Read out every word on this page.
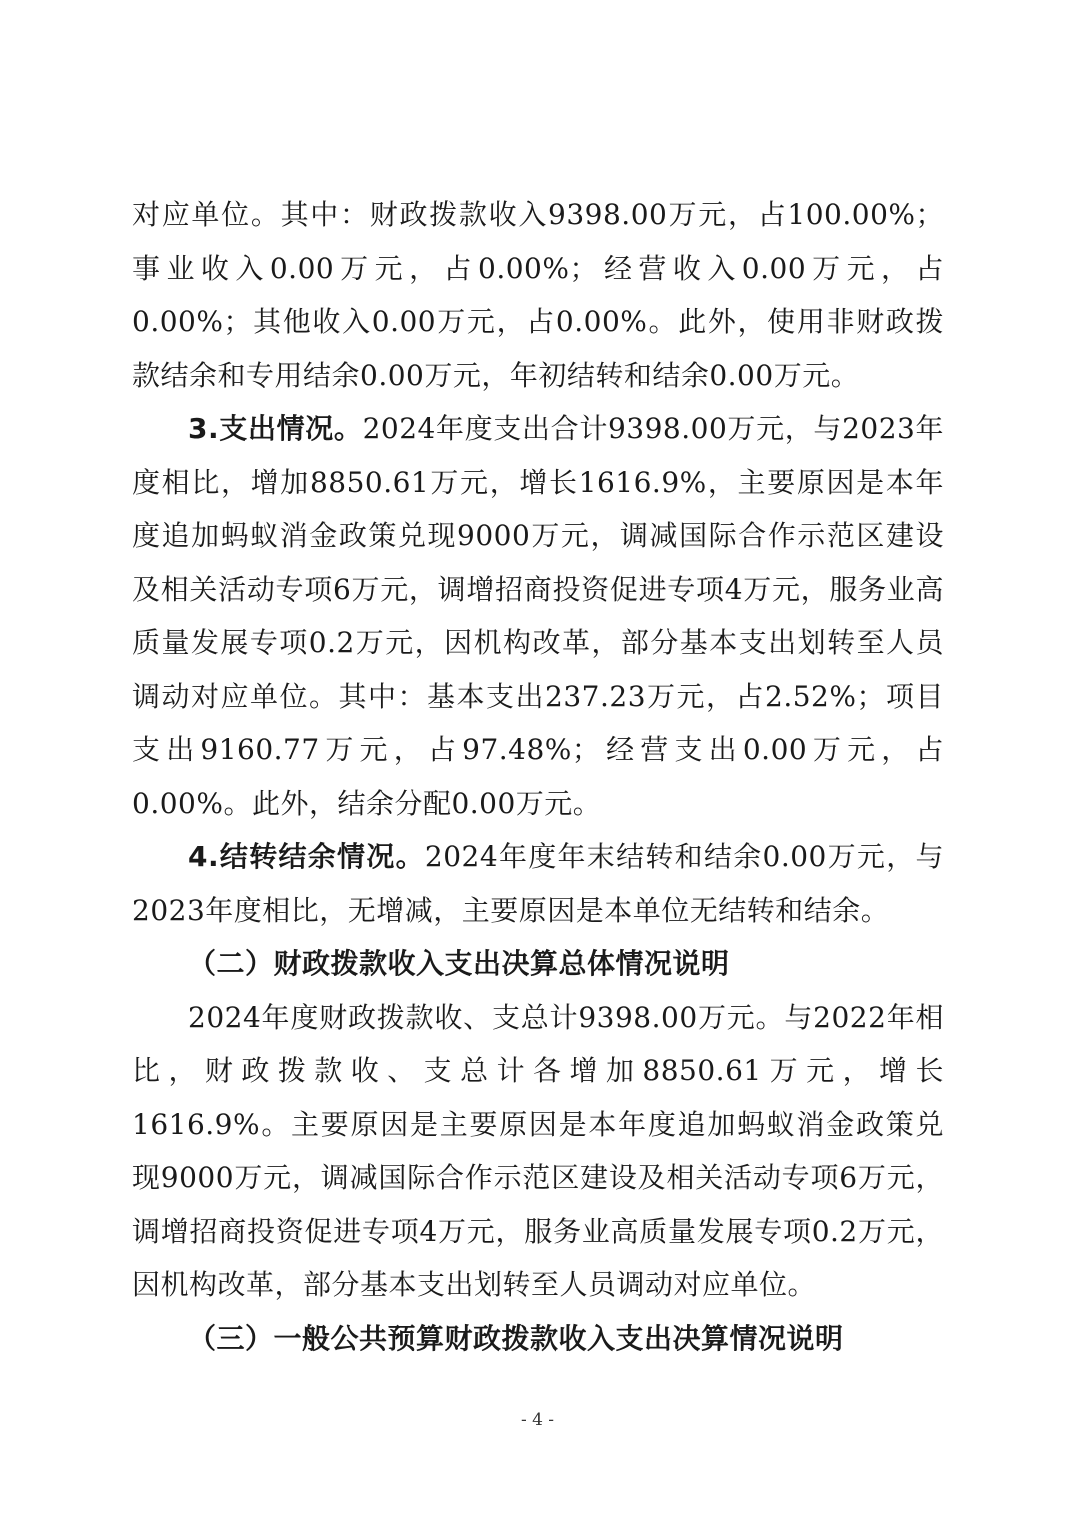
对应单位。其中：财政拨款收入9398.00万元，占100.00%；事业收入0.00万元，占0.00%；经营收入0.00万元，占0.00%；其他收入0.00万元，占0.00%。此外，使用非财政拨款结余和专用结余0.00万元，年初结转和结余0.00万元。

3.支出情况。2024年度支出合计9398.00万元，与2023年度相比，增加8850.61万元，增长1616.9%，主要原因是本年度追加蚂蚁消金政策兑现9000万元，调减国际合作示范区建设及相关活动专项6万元，调增招商投资促进专项4万元，服务业高质量发展专项0.2万元，因机构改革，部分基本支出划转至人员调动对应单位。其中：基本支出237.23万元，占2.52%；项目支出9160.77万元，占97.48%；经营支出0.00万元，占0.00%。此外，结余分配0.00万元。

4.结转结余情况。2024年度年末结转和结余0.00万元，与2023年度相比，无增减，主要原因是本单位无结转和结余。

（二）财政拨款收入支出决算总体情况说明

2024年度财政拨款收、支总计9398.00万元。与2022年相比，财政拨款收、支总计各增加8850.61万元，增长1616.9%。主要原因是主要原因是本年度追加蚂蚁消金政策兑现9000万元，调减国际合作示范区建设及相关活动专项6万元，调增招商投资促进专项4万元，服务业高质量发展专项0.2万元，因机构改革，部分基本支出划转至人员调动对应单位。

（三）一般公共预算财政拨款收入支出决算情况说明

- 4 -
